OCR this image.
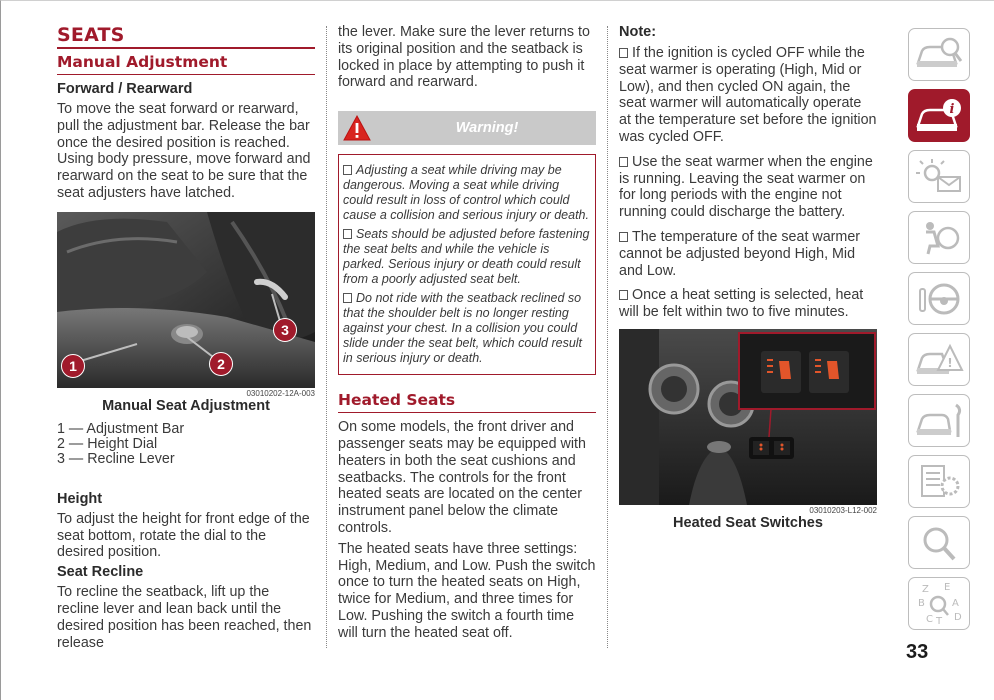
SEATS
Manual Adjustment
Forward / Rearward

To move the seat forward or rearward, pull the adjustment bar. Release the bar once the desired position is reached. Using body pressure, move forward and rearward on the seat to be sure that the seat adjusters have latched.

1	2
3
03010202-12A-003
Manual Seat Adjustment

1 — Adjustment Bar

2 — Height Dial

3 — Recline Lever

Height

To adjust the height for front edge of the seat bottom, rotate the dial to the desired position.

Seat Recline

To recline the seatback, lift up the recline lever and lean back until the desired position has been reached, then release

the lever. Make sure the lever returns to its original position and the seatback is locked in place by attempting to push it forward and rearward.

Warning!

Adjusting a seat while driving may be dangerous. Moving a seat while driving could result in loss of control which could cause a collision and serious injury or death.

Seats should be adjusted before fastening the seat belts and while the vehicle is parked. Serious injury or death could result from a poorly adjusted seat belt.

Do not ride with the seatback reclined so that the shoulder belt is no longer resting against your chest. In a collision you could slide under the seat belt, which could result in serious injury or death.

Heated Seats

On some models, the front driver and passenger seats may be equipped with heaters in both the seat cushions and seatbacks. The controls for the front heated seats are located on the center instrument panel below the climate controls.

The heated seats have three settings: High, Medium, and Low. Push the switch once to turn the heated seats on High, twice for Medium, and three times for Low. Pushing the switch a fourth time will turn the heated seat off.

Note:

If the ignition is cycled OFF while the seat warmer is operating (High, Mid or Low), and then cycled ON again, the seat warmer will automatically operate at the temperature set before the ignition was cycled OFF.

Use the seat warmer when the engine is running. Leaving the seat warmer on for long periods with the engine not running could discharge the battery.

The temperature of the seat warmer cannot be adjusted beyond High, Mid and Low.

Once a heat setting is selected, heat will be felt within two to five minutes.

03010203-L12-002
Heated Seat Switches
i
!
Z E
B	A
C D
T
33
